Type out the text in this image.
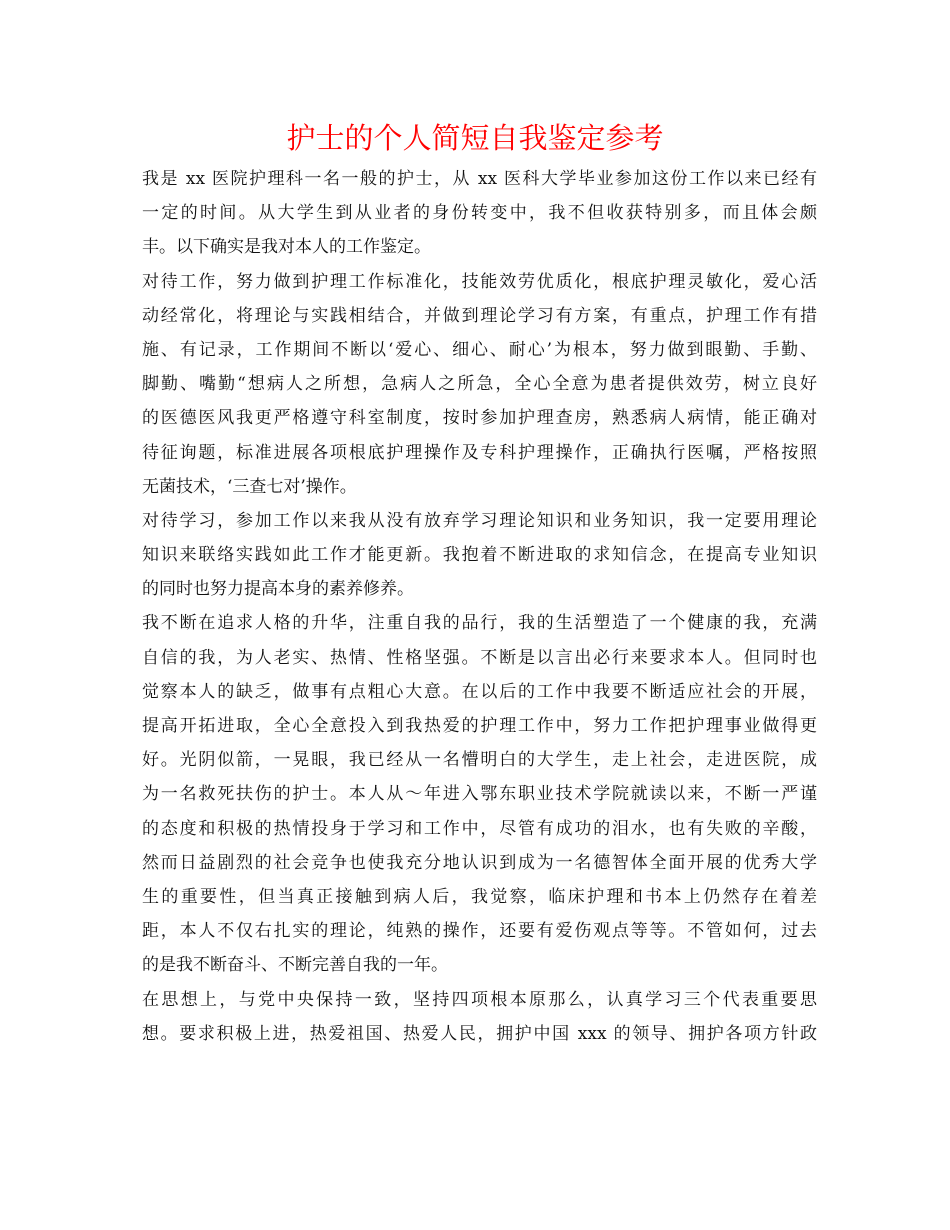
护士的个人简短自我鉴定参考
我是 xx 医院护理科一名一般的护士，从 xx 医科大学毕业参加这份工作以来已经有
一定的时间。从大学生到从业者的身份转变中，我不但收获特别多，而且体会颇
丰。以下确实是我对本人的工作鉴定。
对待工作，努力做到护理工作标准化，技能效劳优质化，根底护理灵敏化，爱心活
动经常化，将理论与实践相结合，并做到理论学习有方案，有重点，护理工作有措
施、有记录，工作期间不断以‘爱心、细心、耐心’为根本，努力做到眼勤、手勤、
脚勤、嘴勤“想病人之所想，急病人之所急，全心全意为患者提供效劳，树立良好
的医德医风我更严格遵守科室制度，按时参加护理查房，熟悉病人病情，能正确对
待征询题，标准进展各项根底护理操作及专科护理操作，正确执行医嘱，严格按照
无菌技术，‘三查七对’操作。
对待学习，参加工作以来我从没有放弃学习理论知识和业务知识，我一定要用理论
知识来联络实践如此工作才能更新。我抱着不断进取的求知信念，在提高专业知识
的同时也努力提高本身的素养修养。
我不断在追求人格的升华，注重自我的品行，我的生活塑造了一个健康的我，充满
自信的我，为人老实、热情、性格坚强。不断是以言出必行来要求本人。但同时也
觉察本人的缺乏，做事有点粗心大意。在以后的工作中我要不断适应社会的开展，
提高开拓进取，全心全意投入到我热爱的护理工作中，努力工作把护理事业做得更
好。光阴似箭，一晃眼，我已经从一名懵明白的大学生，走上社会，走进医院，成
为一名救死扶伤的护士。本人从～年进入鄂东职业技术学院就读以来，不断一严谨
的态度和积极的热情投身于学习和工作中，尽管有成功的泪水，也有失败的辛酸，
然而日益剧烈的社会竞争也使我充分地认识到成为一名德智体全面开展的优秀大学
生的重要性，但当真正接触到病人后，我觉察，临床护理和书本上仍然存在着差
距，本人不仅右扎实的理论，纯熟的操作，还要有爱伤观点等等。不管如何，过去
的是我不断奋斗、不断完善自我的一年。
在思想上，与党中央保持一致，坚持四项根本原那么，认真学习三个代表重要思
想。要求积极上进，热爱祖国、热爱人民，拥护中国 xxx 的领导、拥护各项方针政
